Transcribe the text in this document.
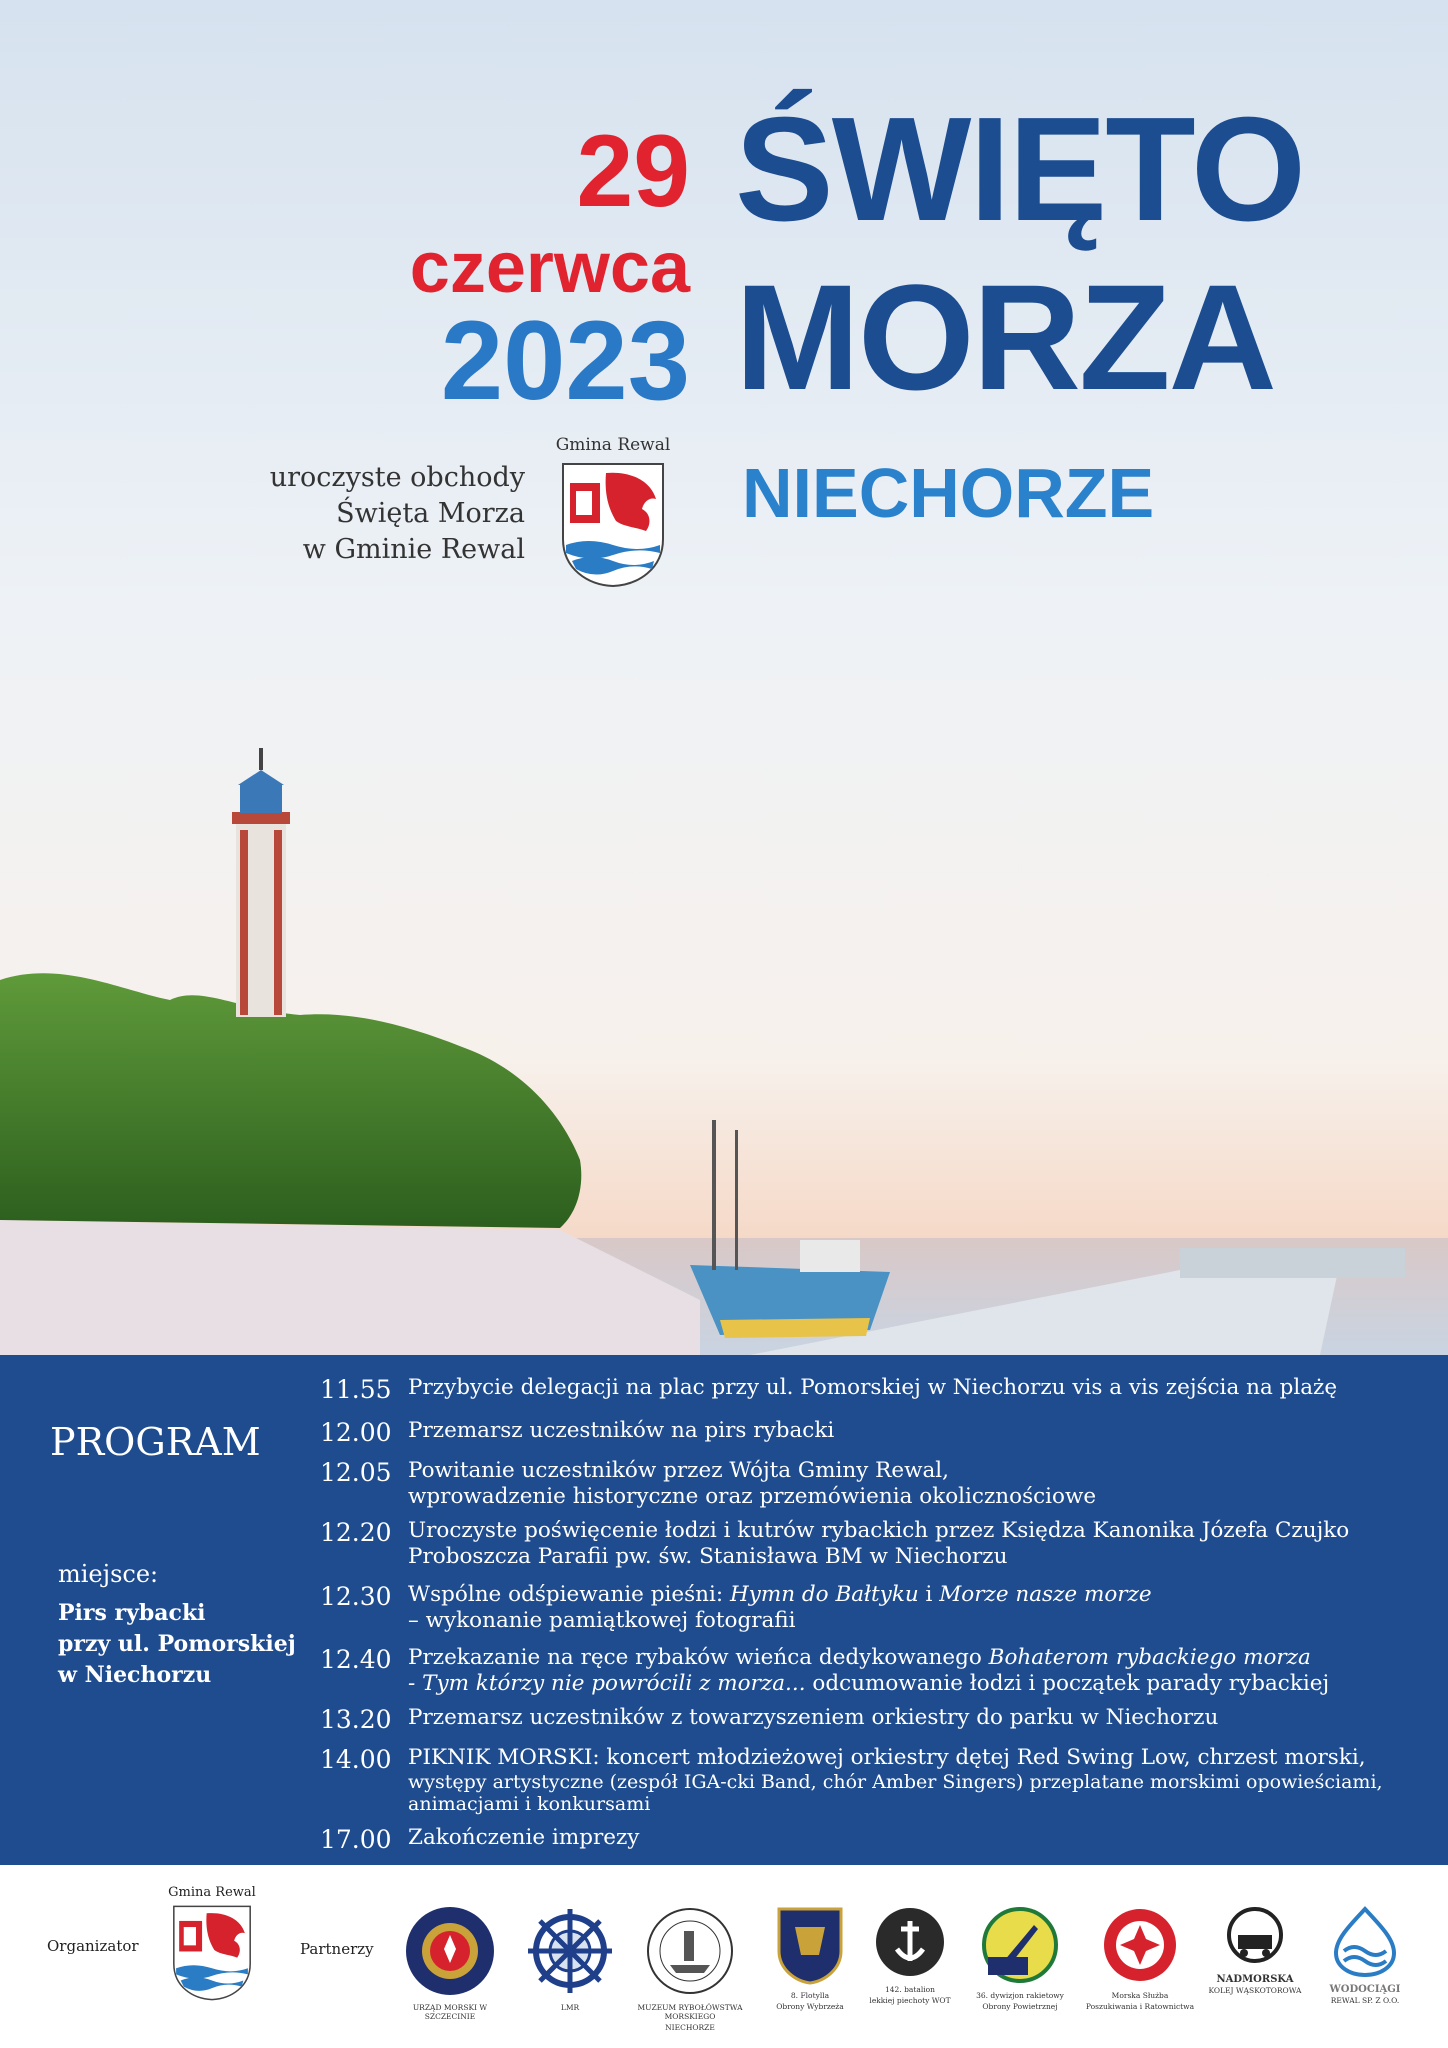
29
czerwca
2023
ŚWIĘTO
MORZA
NIECHORZE
uroczyste obchody
Święta Morza
w Gminie Rewal
Gmina Rewal
PROGRAM
miejsce:
Pirs rybacki
przy ul. Pomorskiej
w Niechorzu
11.55 Przybycie delegacji na plac przy ul. Pomorskiej w Niechorzu vis a vis zejścia na plażę
12.00 Przemarsz uczestników na pirs rybacki
12.05 Powitanie uczestników przez Wójta Gminy Rewal,
wprowadzenie historyczne oraz przemówienia okolicznościowe
12.20 Uroczyste poświęcenie łodzi i kutrów rybackich przez Księdza Kanonika Józefa Czujko
Proboszcza Parafii pw. św. Stanisława BM w Niechorzu
12.30 Wspólne odśpiewanie pieśni: Hymn do Bałtyku i Morze nasze morze
– wykonanie pamiątkowej fotografii
12.40 Przekazanie na ręce rybaków wieńca dedykowanego Bohaterom rybackiego morza
- Tym którzy nie powrócili z morza... odcumowanie łodzi i początek parady rybackiej
13.20 Przemarsz uczestników z towarzyszeniem orkiestry do parku w Niechorzu
14.00 PIKNIK MORSKI: koncert młodzieżowej orkiestry dętej Red Swing Low, chrzest morski,
występy artystyczne (zespół IGA-cki Band, chór Amber Singers) przeplatane morskimi opowieściami,
animacjami i konkursami
17.00 Zakończenie imprezy
Organizator
Gmina Rewal
Partnerzy
URZĄD MORSKI W SZCZECINIE
LMR	MUZEUM RYBOŁÓWSTWA MORSKIEGO
NIECHORZE
8. Flotylla
Obrony Wybrzeża
142. batalion
lekkiej piechoty WOT
36. dywizjon rakietowy
Obrony Powietrznej
Morska Służba
Poszukiwania i Ratownictwa
NADMORSKA
KOLEJ WĄSKOTOROWA	WODOCIĄGI
REWAL SP. Z O.O.
